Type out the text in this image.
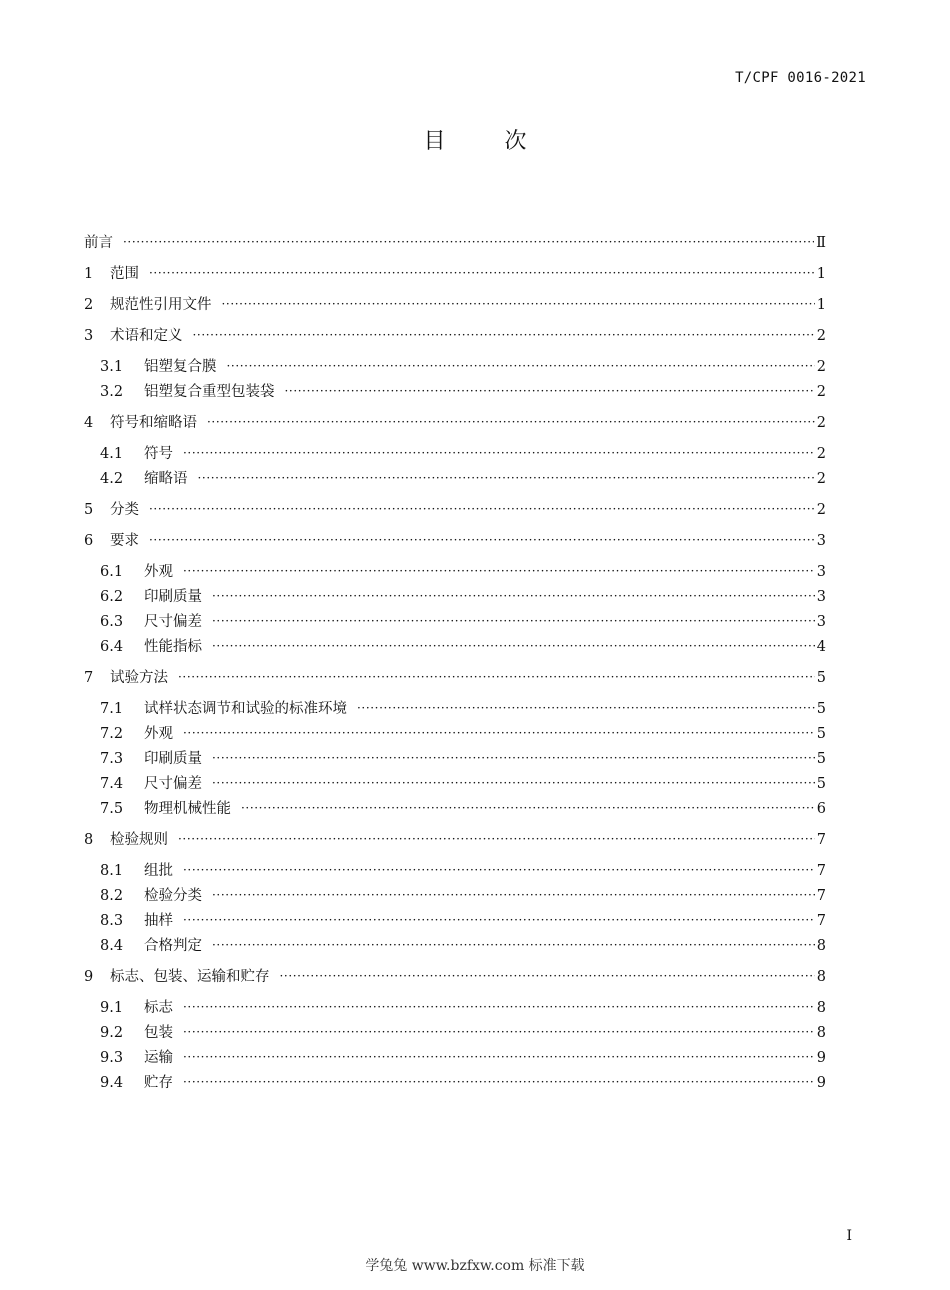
T/CPF 0016-2021
目 次
前言 ·····	Ⅱ
1	范围 ·····	1
2	规范性引用文件 ·····	1
3	术语和定义 ·····	2
3.1	铝塑复合膜 ·····	2
3.2	铝塑复合重型包装袋 ·····	2
4	符号和缩略语 ·····	2
4.1	符号 ·····	2
4.2	缩略语 ·····	2
5	分类 ·····	2
6	要求 ·····	3
6.1	外观 ·····	3
6.2	印刷质量 ·····	3
6.3	尺寸偏差 ·····	3
6.4	性能指标 ·····	4
7	试验方法 ·····	5
7.1	试样状态调节和试验的标准环境 ·····	5
7.2	外观 ·····	5
7.3	印刷质量 ·····	5
7.4	尺寸偏差 ·····	5
7.5	物理机械性能 ·····	6
8	检验规则 ·····	7
8.1	组批 ·····	7
8.2	检验分类 ·····	7
8.3	抽样 ·····	7
8.4	合格判定 ·····	8
9	标志、包装、运输和贮存 ·····	8
9.1	标志 ·····	8
9.2	包装 ·····	8
9.3	运输 ·····	9
9.4	贮存 ·····	9
I
学兔兔 www.bzfxw.com 标准下载
